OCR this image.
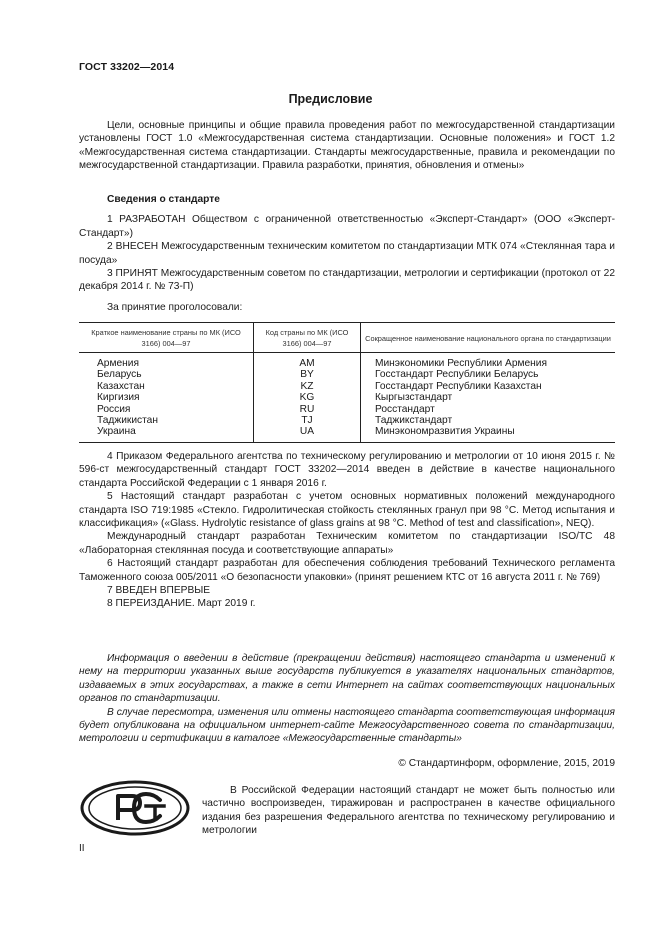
ГОСТ 33202—2014
Предисловие

Цели, основные принципы и общие правила проведения работ по межгосударственной стандартизации установлены ГОСТ 1.0 «Межгосударственная система стандартизации. Основные положения» и ГОСТ 1.2 «Межгосударственная система стандартизации. Стандарты межгосударственные, правила и рекомендации по межгосударственной стандартизации. Правила разработки, принятия, обновления и отмены»

Сведения о стандарте

1 РАЗРАБОТАН Обществом с ограниченной ответственностью «Эксперт-Стандарт» (ООО «Эксперт-Стандарт»)

2 ВНЕСЕН Межгосударственным техническим комитетом по стандартизации МТК 074 «Стеклянная тара и посуда»

3 ПРИНЯТ Межгосударственным советом по стандартизации, метрологии и сертификации (протокол от 22 декабря 2014 г. № 73-П)

За принятие проголосовали:

Краткое наименование страны по МК (ИСО 3166) 004—97	Код страны по МК (ИСО 3166) 004—97	Сокращенное наименование национального органа по стандартизации
Армения	AM	Минэкономики Республики Армения
Беларусь	BY	Госстандарт Республики Беларусь
Казахстан	KZ	Госстандарт Республики Казахстан
Киргизия	KG	Кыргызстандарт
Россия	RU	Росстандарт
Таджикистан	TJ	Таджикстандарт
Украина	UA	Минэкономразвития Украины

4 Приказом Федерального агентства по техническому регулированию и метрологии от 10 июня 2015 г. № 596-ст межгосударственный стандарт ГОСТ 33202—2014 введен в действие в качестве национального стандарта Российской Федерации с 1 января 2016 г.

5 Настоящий стандарт разработан с учетом основных нормативных положений международного стандарта ISO 719:1985 «Стекло. Гидролитическая стойкость стеклянных гранул при 98 °С. Метод испытания и классификация» («Glass. Hydrolytic resistance of glass grains at 98 °C. Method of test and classification», NEQ).

Международный стандарт разработан Техническим комитетом по стандартизации ISO/TC 48 «Лабораторная стеклянная посуда и соответствующие аппараты»

6 Настоящий стандарт разработан для обеспечения соблюдения требований Технического регламента Таможенного союза 005/2011 «О безопасности упаковки» (принят решением КТС от 16 августа 2011 г. № 769)

7 ВВЕДЕН ВПЕРВЫЕ

8 ПЕРЕИЗДАНИЕ. Март 2019 г.

Информация о введении в действие (прекращении действия) настоящего стандарта и изменений к нему на территории указанных выше государств публикуется в указателях национальных стандартов, издаваемых в этих государствах, а также в сети Интернет на сайтах соответствующих национальных органов по стандартизации.

В случае пересмотра, изменения или отмены настоящего стандарта соответствующая информация будет опубликована на официальном интернет-сайте Межгосударственного совета по стандартизации, метрологии и сертификации в каталоге «Межгосударственные стандарты»

© Стандартинформ, оформление, 2015, 2019
В Российской Федерации настоящий стандарт не может быть полностью или частично воспроизведен, тиражирован и распространен в качестве официального издания без разрешения Федерального агентства по техническому регулированию и метрологии
II
